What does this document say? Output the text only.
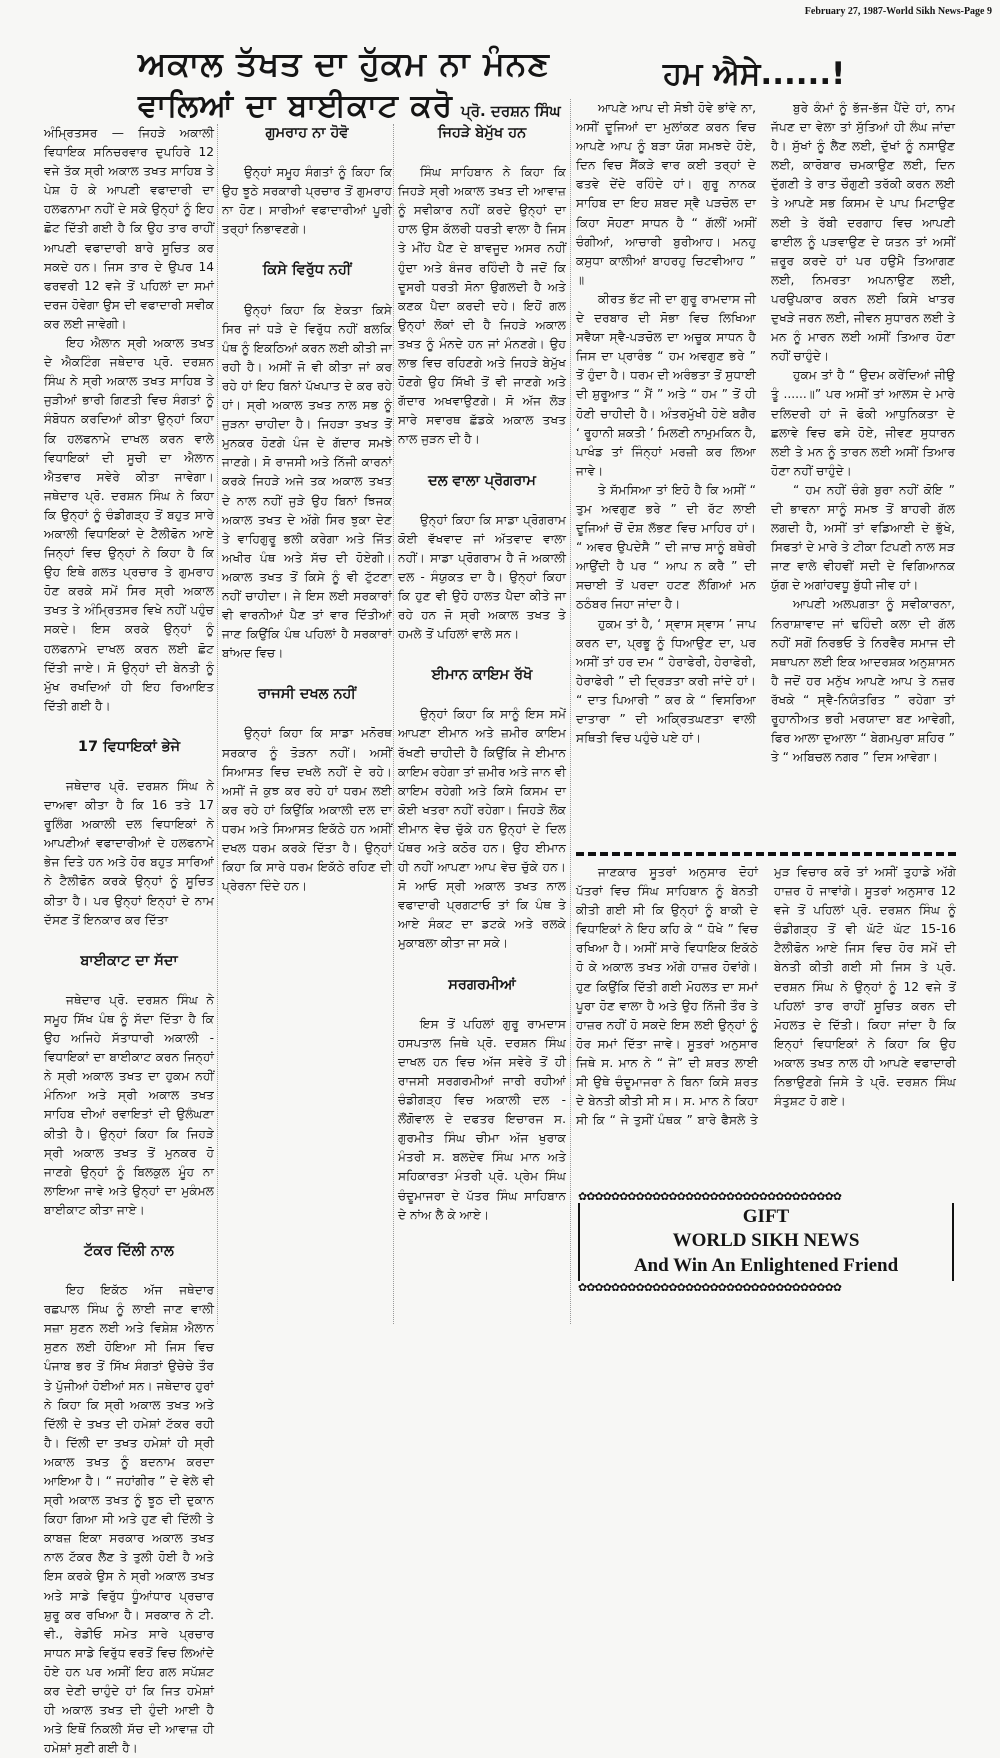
February 27, 1987-World Sikh News-Page 9
ਅਕਾਲ ਤੱਖਤ ਦਾ ਹੁੱਕਮ ਨਾ ਮੰਨਣ
ਵਾਲਿਆਂ ਦਾ ਬਾਈਕਾਟ ਕਰੋ ਪ੍ਰੋ. ਦਰਸ਼ਨ ਸਿੰਘ
ਹਮ ਐਸੇ......!

ਅੰਮ੍ਰਿਤਸਰ — ਜਿਹੜੇ ਅਕਾਲੀ ਵਿਧਾਇਕ ਸਨਿਚਰਵਾਰ ਦੁਪਹਿਰੇ 12 ਵਜੇ ਤੱਕ ਸ੍ਰੀ ਅਕਾਲ ਤਖਤ ਸਾਹਿਬ ਤੇ ਪੇਸ਼ ਹੋ ਕੇ ਆਪਣੀ ਵਫਾਦਾਰੀ ਦਾ ਹਲਫਨਾਮਾ ਨਹੀਂ ਦੇ ਸਕੇ ਉਨ੍ਹਾਂ ਨੂੰ ਇਹ ਛੋਟ ਦਿੱਤੀ ਗਈ ਹੈ ਕਿ ਉਹ ਤਾਰ ਰਾਹੀਂ ਆਪਣੀ ਵਫਾਦਾਰੀ ਬਾਰੇ ਸੂਚਿਤ ਕਰ ਸਕਦੇ ਹਨ। ਜਿਸ ਤਾਰ ਦੇ ਉਪਰ 14 ਫਰਵਰੀ 12 ਵਜੇ ਤੋਂ ਪਹਿਲਾਂ ਦਾ ਸਮਾਂ ਦਰਜ ਹੋਵੇਗਾ ਉਸ ਦੀ ਵਫਾਦਾਰੀ ਸਵੀਕ ਕਰ ਲਈ ਜਾਵੇਗੀ।

ਇਹ ਐਲਾਨ ਸ੍ਰੀ ਅਕਾਲ ਤਖਤ ਦੇ ਐਕਟਿੰਗ ਜਥੇਦਾਰ ਪ੍ਰੋ. ਦਰਸ਼ਨ ਸਿੰਘ ਨੇ ਸ੍ਰੀ ਅਕਾਲ ਤਖਤ ਸਾਹਿਬ ਤੇ ਜੁੜੀਆਂ ਭਾਰੀ ਗਿਣਤੀ ਵਿਚ ਸੰਗਤਾਂ ਨੂੰ ਸੰਬੋਧਨ ਕਰਦਿਆਂ ਕੀਤਾ ਉਨ੍ਹਾਂ ਕਿਹਾ ਕਿ ਹਲਫਨਾਮੇ ਦਾਖਲ ਕਰਨ ਵਾਲੇ ਵਿਧਾਇਕਾਂ ਦੀ ਸੂਚੀ ਦਾ ਐਲਾਨ ਐਤਵਾਰ ਸਵੇਰੇ ਕੀਤਾ ਜਾਵੇਗਾ। ਜਥੇਦਾਰ ਪ੍ਰੋ. ਦਰਸ਼ਨ ਸਿੰਘ ਨੇ ਕਿਹਾ ਕਿ ਉਨ੍ਹਾਂ ਨੂੰ ਚੰਡੀਗੜ੍ਹ ਤੋਂ ਬਹੁਤ ਸਾਰੇ ਅਕਾਲੀ ਵਿਧਾਇਕਾਂ ਦੇ ਟੈਲੀਫੋਨ ਆਏ ਜਿਨ੍ਹਾਂ ਵਿਚ ਉਨ੍ਹਾਂ ਨੇ ਕਿਹਾ ਹੈ ਕਿ ਉਹ ਇਥੇ ਗਲਤ ਪ੍ਰਚਾਰ ਤੇ ਗੁਮਰਾਹ ਹੋਣ ਕਰਕੇ ਸਮੇਂ ਸਿਰ ਸ੍ਰੀ ਅਕਾਲ ਤਖਤ ਤੇ ਅੰਮ੍ਰਿਤਸਰ ਵਿਖੇ ਨਹੀਂ ਪਹੁੰਚ ਸਕਦੇ। ਇਸ ਕਰਕੇ ਉਨ੍ਹਾਂ ਨੂੰ ਹਲਫਨਾਮੇ ਦਾਖਲ ਕਰਨ ਲਈ ਛੋਟ ਦਿੱਤੀ ਜਾਏ। ਸੋ ਉਨ੍ਹਾਂ ਦੀ ਬੇਨਤੀ ਨੂੰ ਮੁੱਖ ਰਖਦਿਆਂ ਹੀ ਇਹ ਰਿਆਇਤ ਦਿੱਤੀ ਗਈ ਹੈ।

17 ਵਿਧਾਇਕਾਂ ਭੇਜੇ

ਜਥੇਦਾਰ ਪ੍ਰੋ. ਦਰਸ਼ਨ ਸਿੰਘ ਨੇ ਦਾਅਵਾ ਕੀਤਾ ਹੈ ਕਿ 16 ਤਤੇ 17 ਰੂਲਿੰਗ ਅਕਾਲੀ ਦਲ ਵਿਧਾਇਕਾਂ ਨੇ ਆਪਣੀਆਂ ਵਫਾਦਾਰੀਆਂ ਦੇ ਹਲਫਨਾਮੇ ਭੇਜ ਦਿਤੇ ਹਨ ਅਤੇ ਹੋਰ ਬਹੁਤ ਸਾਰਿਆਂ ਨੇ ਟੈਲੀਫੋਨ ਕਰਕੇ ਉਨ੍ਹਾਂ ਨੂੰ ਸੂਚਿਤ ਕੀਤਾ ਹੈ। ਪਰ ਉਨ੍ਹਾਂ ਇਨ੍ਹਾਂ ਦੇ ਨਾਮ ਦੱਸਣ ਤੋਂ ਇਨਕਾਰ ਕਰ ਦਿੱਤਾ

ਬਾਈਕਾਟ ਦਾ ਸੱਦਾ

ਜਥੇਦਾਰ ਪ੍ਰੋ. ਦਰਸ਼ਨ ਸਿੰਘ ਨੇ ਸਮੂਹ ਸਿੱਖ ਪੰਥ ਨੂੰ ਸੱਦਾ ਦਿੱਤਾ ਹੈ ਕਿ ਉਹ ਅਜਿਹੇ ਸੱਤਾਧਾਰੀ ਅਕਾਲੀ - ਵਿਧਾਇਕਾਂ ਦਾ ਬਾਈਕਾਟ ਕਰਨ ਜਿਨ੍ਹਾਂ ਨੇ ਸ੍ਰੀ ਅਕਾਲ ਤਖਤ ਦਾ ਹੁਕਮ ਨਹੀਂ ਮੰਨਿਆ ਅਤੇ ਸ੍ਰੀ ਅਕਾਲ ਤਖਤ ਸਾਹਿਬ ਦੀਆਂ ਰਵਾਇਤਾਂ ਦੀ ਉਲੰਘਣਾ ਕੀਤੀ ਹੈ। ਉਨ੍ਹਾਂ ਕਿਹਾ ਕਿ ਜਿਹੜੇ ਸ੍ਰੀ ਅਕਾਲ ਤਖਤ ਤੋਂ ਮੁਨਕਰ ਹੋ ਜਾਣਗੇ ਉਨ੍ਹਾਂ ਨੂੰ ਬਿਲਕੁਲ ਮੂੰਹ ਨਾ ਲਾਇਆ ਜਾਵੇ ਅਤੇ ਉਨ੍ਹਾਂ ਦਾ ਮੁਕੰਮਲ ਬਾਈਕਾਟ ਕੀਤਾ ਜਾਏ।

ਟੱਕਰ ਦਿੱਲੀ ਨਾਲ

ਇਹ ਇਕੱਠ ਅੱਜ ਜਥੇਦਾਰ ਰਛਪਾਲ ਸਿੰਘ ਨੂੰ ਲਾਈ ਜਾਣ ਵਾਲੀ ਸਜ਼ਾ ਸੁਣਨ ਲਈ ਅਤੇ ਵਿਸ਼ੇਸ਼ ਐਲਾਨ ਸੁਣਨ ਲਈ ਹੋਇਆ ਸੀ ਜਿਸ ਵਿਚ ਪੰਜਾਬ ਭਰ ਤੋਂ ਸਿੱਖ ਸੰਗਤਾਂ ਉਚੇਚੇ ਤੌਰ ਤੇ ਪੁੱਜੀਆਂ ਹੋਈਆਂ ਸਨ। ਜਥੇਦਾਰ ਹੁਰਾਂ ਨੇ ਕਿਹਾ ਕਿ ਸ੍ਰੀ ਅਕਾਲ ਤਖਤ ਅਤੇ ਦਿੱਲੀ ਦੇ ਤਖਤ ਦੀ ਹਮੇਸ਼ਾਂ ਟੱਕਰ ਰਹੀ ਹੈ। ਦਿੱਲੀ ਦਾ ਤਖਤ ਹਮੇਸ਼ਾਂ ਹੀ ਸ੍ਰੀ ਅਕਾਲ ਤਖਤ ਨੂੰ ਬਦਨਾਮ ਕਰਦਾ ਆਇਆ ਹੈ। “ ਜਹਾਂਗੀਰ ” ਦੇ ਵੇਲੇ ਵੀ ਸ੍ਰੀ ਅਕਾਲ ਤਖਤ ਨੂੰ ਝੂਠ ਦੀ ਦੁਕਾਨ ਕਿਹਾ ਗਿਆ ਸੀ ਅਤੇ ਹੁਣ ਵੀ ਦਿੱਲੀ ਤੇ ਕਾਬਜ਼ ਇਕਾ ਸਰਕਾਰ ਅਕਾਲ ਤਖਤ ਨਾਲ ਟੱਕਰ ਲੈਣ ਤੇ ਤੁਲੀ ਹੋਈ ਹੈ ਅਤੇ ਇਸ ਕਰਕੇ ਉਸ ਨੇ ਸ੍ਰੀ ਅਕਾਲ ਤਖਤ ਅਤੇ ਸਾਡੇ ਵਿਰੁੱਧ ਧੂੰਆਂਧਾਰ ਪ੍ਰਚਾਰ ਸ਼ੁਰੂ ਕਰ ਰਖਿਆ ਹੈ। ਸਰਕਾਰ ਨੇ ਟੀ. ਵੀ., ਰੇਡੀਓ ਸਮੇਤ ਸਾਰੇ ਪ੍ਰਚਾਰ ਸਾਧਨ ਸਾਡੇ ਵਿਰੁੱਧ ਵਰਤੋਂ ਵਿਚ ਲਿਆਂਦੇ ਹੋਏ ਹਨ ਪਰ ਅਸੀਂ ਇਹ ਗਲ ਸਪੱਸ਼ਟ ਕਰ ਦੇਣੀ ਚਾਹੁੰਦੇ ਹਾਂ ਕਿ ਜਿਤ ਹਮੇਸ਼ਾਂ ਹੀ ਅਕਾਲ ਤਖਤ ਦੀ ਹੁੰਦੀ ਆਈ ਹੈ ਅਤੇ ਇਥੋਂ ਨਿਕਲੀ ਸੱਚ ਦੀ ਆਵਾਜ਼ ਹੀ ਹਮੇਸ਼ਾਂ ਸੁਣੀ ਗਈ ਹੈ।

ਗੁਮਰਾਹ ਨਾ ਹੋਵੋ

ਉਨ੍ਹਾਂ ਸਮੂਹ ਸੰਗਤਾਂ ਨੂੰ ਕਿਹਾ ਕਿ ਉਹ ਝੂਠੇ ਸਰਕਾਰੀ ਪ੍ਰਚਾਰ ਤੋਂ ਗੁਮਰਾਹ ਨਾ ਹੋਣ। ਸਾਰੀਆਂ ਵਫਾਦਾਰੀਆਂ ਪੂਰੀ ਤਰ੍ਹਾਂ ਨਿਭਾਵਣਗੇ।

ਕਿਸੇ ਵਿਰੁੱਧ ਨਹੀਂ

ਉਨ੍ਹਾਂ ਕਿਹਾ ਕਿ ਏਕਤਾ ਕਿਸੇ ਸਿਰ ਜਾਂ ਧੜੇ ਦੇ ਵਿਰੁੱਧ ਨਹੀਂ ਬਲਕਿ ਪੰਥ ਨੂੰ ਇਕਠਿਆਂ ਕਰਨ ਲਈ ਕੀਤੀ ਜਾ ਰਹੀ ਹੈ। ਅਸੀਂ ਜੋ ਵੀ ਕੀਤਾ ਜਾਂ ਕਰ ਰਹੇ ਹਾਂ ਇਹ ਬਿਨਾਂ ਪੱਖਪਾਤ ਦੇ ਕਰ ਰਹੇ ਹਾਂ। ਸ੍ਰੀ ਅਕਾਲ ਤਖਤ ਨਾਲ ਸਭ ਨੂੰ ਜੁੜਨਾ ਚਾਹੀਦਾ ਹੈ। ਜਿਹੜਾ ਤਖਤ ਤੋਂ ਮੁਨਕਰ ਹੋਣਗੇ ਪੰਜ ਦੇ ਗੱਦਾਰ ਸਮਝੇ ਜਾਣਗੇ। ਸੋ ਰਾਜਸੀ ਅਤੇ ਨਿੱਜੀ ਕਾਰਨਾਂ ਕਰਕੇ ਜਿਹੜੇ ਅਜੇ ਤਕ ਅਕਾਲ ਤਖਤ ਦੇ ਨਾਲ ਨਹੀਂ ਜੁੜੇ ਉਹ ਬਿਨਾਂ ਝਿਜਕ ਅਕਾਲ ਤਖਤ ਦੇ ਅੱਗੇ ਸਿਰ ਝੁਕਾ ਦੇਣ ਤੇ ਵਾਹਿਗੁਰੂ ਭਲੀ ਕਰੇਗਾ ਅਤੇ ਜਿੱਤ ਅਖੀਰ ਪੰਥ ਅਤੇ ਸੱਚ ਦੀ ਹੋਏਗੀ। ਅਕਾਲ ਤਖਤ ਤੋਂ ਕਿਸੇ ਨੂੰ ਵੀ ਟੁੱਟਣਾ ਨਹੀਂ ਚਾਹੀਦਾ। ਜੇ ਇਸ ਲਈ ਸਰਕਾਰਾਂ ਵੀ ਵਾਰਨੀਆਂ ਪੈਣ ਤਾਂ ਵਾਰ ਦਿੱਤੀਆਂ ਜਾਣ ਕਿਉਂਕਿ ਪੰਥ ਪਹਿਲਾਂ ਹੈ ਸਰਕਾਰਾਂ ਬਾਂਅਦ ਵਿਚ।

ਰਾਜਸੀ ਦਖਲ ਨਹੀਂ

ਉਨ੍ਹਾਂ ਕਿਹਾ ਕਿ ਸਾਡਾ ਮਨੋਰਥ ਸਰਕਾਰ ਨੂੰ ਤੋੜਨਾ ਨਹੀਂ। ਅਸੀਂ ਸਿਆਸਤ ਵਿਚ ਦਖਲੇ ਨਹੀਂ ਦੇ ਰਹੇ। ਅਸੀਂ ਜੋ ਕੁਝ ਕਰ ਰਹੇ ਹਾਂ ਧਰਮ ਲਈ ਕਰ ਰਹੇ ਹਾਂ ਕਿਉਂਕਿ ਅਕਾਲੀ ਦਲ ਦਾ ਧਰਮ ਅਤੇ ਸਿਆਸਤ ਇਕੱਠੇ ਹਨ ਅਸੀਂ ਦਖਲ ਧਰਮ ਕਰਕੇ ਦਿੱਤਾ ਹੈ। ਉਨ੍ਹਾਂ ਕਿਹਾ ਕਿ ਸਾਰੇ ਧਰਮ ਇਕੱਠੇ ਰਹਿਣ ਦੀ ਪ੍ਰੇਰਨਾ ਦਿੰਦੇ ਹਨ।

ਜਿਹੜੇ ਬੇਮੁੱਖ ਹਨ

ਸਿੰਘ ਸਾਹਿਬਾਨ ਨੇ ਕਿਹਾ ਕਿ ਜਿਹੜੇ ਸ੍ਰੀ ਅਕਾਲ ਤਖਤ ਦੀ ਆਵਾਜ਼ ਨੂੰ ਸਵੀਕਾਰ ਨਹੀਂ ਕਰਦੇ ਉਨ੍ਹਾਂ ਦਾ ਹਾਲ ਉਸ ਕੱਲਰੀ ਧਰਤੀ ਵਾਲਾ ਹੈ ਜਿਸ ਤੇ ਮੀਂਹ ਪੈਣ ਦੇ ਬਾਵਜੂਦ ਅਸਰ ਨਹੀਂ ਹੁੰਦਾ ਅਤੇ ਬੰਜਰ ਰਹਿੰਦੀ ਹੈ ਜਦੋਂ ਕਿ ਦੂਸਰੀ ਧਰਤੀ ਸੋਨਾ ਉਗਲਦੀ ਹੈ ਅਤੇ ਕਣਕ ਪੈਦਾ ਕਰਦੀ ਦਹੇ। ਇਹੋਂ ਗਲ ਉਨ੍ਹਾਂ ਲੋਕਾਂ ਦੀ ਹੈ ਜਿਹੜੇ ਅਕਾਲ ਤਖਤ ਨੂੰ ਮੰਨਦੇ ਹਨ ਜਾਂ ਮੰਨਣਗੇ। ਉਹ ਲਾਭ ਵਿਚ ਰਹਿਣਗੇ ਅਤੇ ਜਿਹੜੇ ਬੇਮੁੱਖ ਹੋਣਗੇ ਉਹ ਸਿੱਖੀ ਤੋਂ ਵੀ ਜਾਣਗੇ ਅਤੇ ਗੱਦਾਰ ਅਖਵਾਉਣਗੇ। ਸੋ ਅੱਜ ਲੋੜ ਸਾਰੇ ਸਵਾਰਥ ਛੱਡਕੇ ਅਕਾਲ ਤਖਤ ਨਾਲ ਜੁੜਨ ਦੀ ਹੈ।

ਦਲ ਵਾਲਾ ਪ੍ਰੋਗਰਾਮ

ਉਨ੍ਹਾਂ ਕਿਹਾ ਕਿ ਸਾਡਾ ਪ੍ਰੋਗਰਾਮ ਕੋਈ ਵੱਖਵਾਦ ਜਾਂ ਅੱਤਵਾਦ ਵਾਲਾ ਨਹੀਂ। ਸਾਡਾ ਪ੍ਰੋਗਰਾਮ ਹੈ ਜੋ ਅਕਾਲੀ ਦਲ - ਸੰਯੁਕਤ ਦਾ ਹੈ। ਉਨ੍ਹਾਂ ਕਿਹਾ ਕਿ ਹੁਣ ਵੀ ਉਹੋ ਹਾਲਤ ਪੈਦਾ ਕੀਤੇ ਜਾ ਰਹੇ ਹਨ ਜੋ ਸ੍ਰੀ ਅਕਾਲ ਤਖਤ ਤੇ ਹਮਲੇ ਤੋਂ ਪਹਿਲਾਂ ਵਾਲੇ ਸਨ।

ਈਮਾਨ ਕਾਇਮ ਰੱਖੋ

ਉਨ੍ਹਾਂ ਕਿਹਾ ਕਿ ਸਾਨੂੰ ਇਸ ਸਮੇਂ ਆਪਣਾ ਈਮਾਨ ਅਤੇ ਜ਼ਮੀਰ ਕਾਇਮ ਰੱਖਣੀ ਚਾਹੀਦੀ ਹੈ ਕਿਉਂਕਿ ਜੇ ਈਮਾਨ ਕਾਇਮ ਰਹੇਗਾ ਤਾਂ ਜ਼ਮੀਰ ਅਤੇ ਜਾਨ ਵੀ ਕਾਇਮ ਰਹੇਗੀ ਅਤੇ ਕਿਸੇ ਕਿਸਮ ਦਾ ਕੋਈ ਖਤਰਾ ਨਹੀਂ ਰਹੇਗਾ। ਜਿਹੜੇ ਲੋਕ ਈਮਾਨ ਵੇਚ ਚੁੱਕੇ ਹਨ ਉਨ੍ਹਾਂ ਦੇ ਦਿਲ ਪੱਥਰ ਅਤੇ ਕਠੋਰ ਹਨ। ਉਹ ਈਮਾਨ ਹੀ ਨਹੀਂ ਆਪਣਾ ਆਪ ਵੇਚ ਚੁੱਕੇ ਹਨ। ਸੋ ਆਓ ਸ੍ਰੀ ਅਕਾਲ ਤਖਤ ਨਾਲ ਵਫਾਦਾਰੀ ਪ੍ਰਗਟਾਓ ਤਾਂ ਕਿ ਪੰਥ ਤੇ ਆਏ ਸੰਕਟ ਦਾ ਡਟਕੇ ਅਤੇ ਰਲਕੇ ਮੁਕਾਬਲਾ ਕੀਤਾ ਜਾ ਸਕੇ।

ਸਰਗਰਮੀਆਂ

ਇਸ ਤੋਂ ਪਹਿਲਾਂ ਗੁਰੂ ਰਾਮਦਾਸ ਹਸਪਤਾਲ ਜਿਥੇ ਪ੍ਰੋ. ਦਰਸ਼ਨ ਸਿੰਘ ਦਾਖਲ ਹਨ ਵਿਚ ਅੱਜ ਸਵੇਰੇ ਤੋਂ ਹੀ ਰਾਜਸੀ ਸਰਗਰਮੀਆਂ ਜਾਰੀ ਰਹੀਆਂ ਚੰਡੀਗੜ੍ਹ ਵਿਚ ਅਕਾਲੀ ਦਲ - ਲੌਂਗੋਵਾਲ ਦੇ ਦਫਤਰ ਇਚਾਰਜ ਸ. ਗੁਰਮੀਤ ਸਿੰਘ ਚੀਮਾ ਅੱਜ ਖੁਰਾਕ ਮੰਤਰੀ ਸ. ਬਲਦੇਵ ਸਿੰਘ ਮਾਨ ਅਤੇ ਸਹਿਕਾਰਤਾ ਮੰਤਰੀ ਪ੍ਰੋ. ਪ੍ਰੇਮ ਸਿੰਘ ਚੰਦੂਮਾਜਰਾ ਦੇ ਪੱਤਰ ਸਿੰਘ ਸਾਹਿਬਾਨ ਦੇ ਨਾਂਅ ਲੈ ਕੇ ਆਏ।

ਆਪਣੇ ਆਪ ਦੀ ਸੋਝੀ ਹੋਵੇ ਭਾਂਵੇ ਨਾ, ਅਸੀਂ ਦੂਜਿਆਂ ਦਾ ਮੁਲਾਂਕਣ ਕਰਨ ਵਿਚ ਆਪਣੇ ਆਪ ਨੂੰ ਬੜਾ ਯੋਗ ਸਮਝਦੇ ਹੋਏ, ਦਿਨ ਵਿਚ ਸੈਂਕੜੇ ਵਾਰ ਕਈ ਤਰ੍ਹਾਂ ਦੇ ਫਤਵੇ ਦੇਂਦੇ ਰਹਿੰਦੇ ਹਾਂ। ਗੁਰੂ ਨਾਨਕ ਸਾਹਿਬ ਦਾ ਇਹ ਸ਼ਬਦ ਸ੍ਵੈ ਪੜਚੋਲ ਦਾ ਕਿਹਾ ਸੋਹਣਾ ਸਾਧਨ ਹੈ “ ਗੱਲੀਂ ਅਸੀਂ ਚੰਗੀਆਂ, ਆਚਾਰੀ ਬੁਰੀਆਹ। ਮਨਹੁ ਕਸੁਧਾ ਕਾਲੀਆਂ ਬਾਹਰਹੁ ਚਿਟਵੀਆਹ ” ॥

ਕੀਰਤ ਭੱਟ ਜੀ ਦਾ ਗੁਰੂ ਰਾਮਦਾਸ ਜੀ ਦੇ ਦਰਬਾਰ ਦੀ ਸੋਭਾ ਵਿਚ ਲਿਖਿਆ ਸਵੈਯਾ ਸ੍ਵੈ-ਪੜਚੋਲ ਦਾ ਅਚੂਕ ਸਾਧਨ ਹੈ ਜਿਸ ਦਾ ਪ੍ਰਾਰੰਭ “ ਹਮ ਅਵਗੁਣ ਭਰੇ ” ਤੋਂ ਹੁੰਦਾ ਹੈ। ਧਰਮ ਦੀ ਅਰੰਭਤਾ ਤੋਂ ਸੁਧਾਈ ਦੀ ਸ਼ੁਰੂਆਤ “ ਮੈਂ ” ਅਤੇ “ ਹਮ ” ਤੋਂ ਹੀ ਹੋਣੀ ਚਾਹੀਦੀ ਹੈ। ਅੰਤਰਮੁੱਖੀ ਹੋਏ ਬਗੈਰ ‘ ਰੂਹਾਨੀ ਸ਼ਕਤੀ ’ ਮਿਲਣੀ ਨਾਮੁਮਕਿਨ ਹੈ, ਪਾਖੰਡ ਤਾਂ ਜਿੰਨ੍ਹਾਂ ਮਰਜ਼ੀ ਕਰ ਲਿਆ ਜਾਵੇ।

ਤੇ ਸੱਮਸਿਆ ਤਾਂ ਇਹੋ ਹੈ ਕਿ ਅਸੀਂ “ ਤੁਮ ਅਵਗੁਣ ਭਰੇ ” ਦੀ ਰੱਟ ਲਾਈ ਦੂਜਿਆਂ ਚੋਂ ਦੋਸ਼ ਲੱਭਣ ਵਿਚ ਮਾਹਿਰ ਹਾਂ। “ ਅਵਰ ਉਪਦੇਸੈ ” ਦੀ ਜਾਚ ਸਾਨੂੰ ਬਥੇਰੀ ਆਉਂਦੀ ਹੈ ਪਰ “ ਆਪ ਨ ਕਰੈ ” ਦੀ ਸਚਾਈ ਤੋਂ ਪਰਦਾ ਹਟਣ ਲੱਗਿਆਂ ਮਨ ਠਠੰਬਰ ਜਿਹਾ ਜਾਂਦਾ ਹੈ।

ਹੁਕਮ ਤਾਂ ਹੈ, ‘ ਸ੍ਵਾਸ ਸ੍ਵਾਸ ’ ਜਾਪ ਕਰਨ ਦਾ, ਪ੍ਰਭੂ ਨੂੰ ਧਿਆਉਣ ਦਾ, ਪਰ ਅਸੀਂ ਤਾਂ ਹਰ ਦਮ “ ਹੇਰਾਫੇਰੀ, ਹੇਰਾਫੇਰੀ, ਹੇਰਾਫੇਰੀ ” ਦੀ ਦ੍ਰਿੜਤਾ ਕਰੀ ਜਾਂਦੇ ਹਾਂ। “ ਦਾਤ ਪਿਆਰੀ ” ਕਰ ਕੇ “ ਵਿਸਰਿਆ ਦਾਤਾਰਾ ” ਦੀ ਅਕ੍ਰਿਤਘਣਤਾ ਵਾਲੀ ਸਥਿਤੀ ਵਿਚ ਪਹੁੰਚੇ ਪਏ ਹਾਂ।

ਬੁਰੇ ਕੰਮਾਂ ਨੂੰ ਭੱਜ-ਭੱਜ ਪੈਂਦੇ ਹਾਂ, ਨਾਮ ਜੱਪਣ ਦਾ ਵੇਲਾ ਤਾਂ ਸੁੱਤਿਆਂ ਹੀ ਲੰਘ ਜਾਂਦਾ ਹੈ। ਸੁੱਖਾਂ ਨੂੰ ਲੈਣ ਲਈ, ਦੁੱਖਾਂ ਨੂੰ ਨਸਾਉਣ ਲਈ, ਕਾਰੋਬਾਰ ਚਮਕਾਉਣ ਲਈ, ਦਿਨ ਦੁੱਗਣੀ ਤੇ ਰਾਤ ਚੌਗੁਣੀ ਤਰੱਕੀ ਕਰਨ ਲਈ ਤੇ ਆਪਣੇ ਸਭ ਕਿਸਮ ਦੇ ਪਾਪ ਮਿਟਾਉਣ ਲਈ ਤੇ ਰੱਬੀ ਦਰਗਾਹ ਵਿਚ ਆਪਣੀ ਫਾਈਲ ਨੂੰ ਪੜਵਾਉਣ ਦੇ ਯਤਨ ਤਾਂ ਅਸੀਂ ਜ਼ਰੂਰ ਕਰਦੇ ਹਾਂ ਪਰ ਹਉਮੈ ਤਿਆਗਣ ਲਈ, ਨਿਮਰਤਾ ਅਪਨਾਉਣ ਲਈ, ਪਰਉਪਕਾਰ ਕਰਨ ਲਈ ਕਿਸੇ ਖਾਤਰ ਦੁਖੜੇ ਜਰਨ ਲਈ, ਜੀਵਨ ਸੁਧਾਰਨ ਲਈ ਤੇ ਮਨ ਨੂੰ ਮਾਰਨ ਲਈ ਅਸੀਂ ਤਿਆਰ ਹੋਣਾ ਨਹੀਂ ਚਾਹੁੰਦੇ।

ਹੁਕਮ ਤਾਂ ਹੈ “ ਉਦਮ ਕਰੇਂਦਿਆਂ ਜੀਉ ਤੂੰ ......॥” ਪਰ ਅਸੀਂ ਤਾਂ ਆਲਸ ਦੇ ਮਾਰੇ ਦਲਿਦਰੀ ਹਾਂ ਜੋ ਫੋਕੀ ਆਧੁਨਿਕਤਾ ਦੇ ਛਲਾਵੇ ਵਿਚ ਫਸੇ ਹੋਏ, ਜੀਵਣ ਸੁਧਾਰਨ ਲਈ ਤੇ ਮਨ ਨੂੰ ਤਾਰਨ ਲਈ ਅਸੀਂ ਤਿਆਰ ਹੋਣਾ ਨਹੀਂ ਚਾਹੁੰਦੇ।

“ ਹਮ ਨਹੀਂ ਚੰਗੇ ਬੁਰਾ ਨਹੀਂ ਕੋਇ ” ਦੀ ਭਾਵਨਾ ਸਾਨੂੰ ਸਮਝ ਤੋਂ ਬਾਹਰੀ ਗੱਲ ਲਗਦੀ ਹੈ, ਅਸੀਂ ਤਾਂ ਵਡਿਆਈ ਦੇ ਭੁੱਖੇ, ਸਿਫਤਾਂ ਦੇ ਮਾਰੇ ਤੇ ਟੀਕਾ ਟਿਪਣੀ ਨਾਲ ਸੜ ਜਾਣ ਵਾਲੇ ਵੀਹਵੀਂ ਸਦੀ ਦੇ ਵਿਗਿਆਨਕ ਯੁੱਗ ਦੇ ਅਗਾਂਹਵਧੂ ਬੁੱਧੀ ਜੀਵ ਹਾਂ।

ਆਪਣੀ ਅਲਪਗਤਾ ਨੂੰ ਸਵੀਕਾਰਨਾ, ਨਿਰਾਸ਼ਾਵਾਦ ਜਾਂ ਢਹਿੰਦੀ ਕਲਾ ਦੀ ਗੱਲ ਨਹੀਂ ਸਗੋਂ ਨਿਰਭਓ ਤੇ ਨਿਰਵੈਰ ਸਮਾਜ ਦੀ ਸਥਾਪਨਾ ਲਈ ਇਕ ਆਦਰਸ਼ਕ ਅਨੁਸ਼ਾਸਨ ਹੈ ਜਦੋਂ ਹਰ ਮਨੁੱਖ ਆਪਣੇ ਆਪ ਤੇ ਨਜ਼ਰ ਰੱਖਕੇ “ ਸ੍ਵੈ-ਨਿਯੰਤਰਿਤ ” ਰਹੇਗਾ ਤਾਂ ਰੂਹਾਨੀਅਤ ਭਰੀ ਮਰਯਾਦਾ ਬਣ ਆਵੇਗੀ, ਫਿਰ ਆਲਾ ਦੁਆਲਾ “ ਬੇਗਮਪੁਰਾ ਸ਼ਹਿਰ ” ਤੇ “ ਅਬਿਚਲ ਨਗਰ ” ਦਿਸ ਆਵੇਗਾ।

ਜਾਣਕਾਰ ਸੂਤਰਾਂ ਅਨੁਸਾਰ ਦੋਹਾਂ ਪੱਤਰਾਂ ਵਿਚ ਸਿੰਘ ਸਾਹਿਬਾਨ ਨੂੰ ਬੇਨਤੀ ਕੀਤੀ ਗਈ ਸੀ ਕਿ ਉਨ੍ਹਾਂ ਨੂੰ ਬਾਕੀ ਦੇ ਵਿਧਾਇਕਾਂ ਨੇ ਇਹ ਕਹਿ ਕੇ “ ਧੋਖੇ ” ਵਿਚ ਰਖਿਆ ਹੈ। ਅਸੀਂ ਸਾਰੇ ਵਿਧਾਇਕ ਇਕੱਠੇ ਹੋ ਕੇ ਅਕਾਲ ਤਖਤ ਅੱਗੇ ਹਾਜ਼ਰ ਹੋਵਾਂਗੇ। ਹੁਣ ਕਿਉਂਕਿ ਦਿੱਤੀ ਗਈ ਮੋਹਲਤ ਦਾ ਸਮਾਂ ਪੂਰਾ ਹੋਣ ਵਾਲਾ ਹੈ ਅਤੇ ਉਹ ਨਿੱਜੀ ਤੌਰ ਤੇ ਹਾਜ਼ਰ ਨਹੀਂ ਹੋ ਸਕਦੇ ਇਸ ਲਈ ਉਨ੍ਹਾਂ ਨੂੰ ਹੋਰ ਸਮਾਂ ਦਿੱਤਾ ਜਾਵੇ। ਸੂਤਰਾਂ ਅਨੁਸਾਰ ਜਿਥੇ ਸ. ਮਾਨ ਨੇ “ ਜੇ” ਦੀ ਸ਼ਰਤ ਲਾਈ ਸੀ ਉਥੇ ਚੰਦੂਮਾਜਰਾ ਨੇ ਬਿਨਾ ਕਿਸੇ ਸ਼ਰਤ ਦੇ ਬੇਨਤੀ ਕੀਤੀ ਸੀ ਸ। ਸ. ਮਾਨ ਨੇ ਕਿਹਾ ਸੀ ਕਿ “ ਜੇ ਤੁਸੀਂ ਪੰਥਕ ” ਬਾਰੇ ਫੈਸਲੇ ਤੇ ਮੁੜ ਵਿਚਾਰ ਕਰੋ ਤਾਂ ਅਸੀਂ ਤੁਹਾਡੇ ਅੱਗੇ ਹਾਜ਼ਰ ਹੋ ਜਾਵਾਂਗੇ। ਸੂਤਰਾਂ ਅਨੁਸਾਰ 12 ਵਜੇ ਤੋਂ ਪਹਿਲਾਂ ਪ੍ਰੋ. ਦਰਸ਼ਨ ਸਿੰਘ ਨੂੰ ਚੰਡੀਗੜ੍ਹ ਤੋਂ ਵੀ ਘੱਟੋ ਘੱਟ 15-16 ਟੈਲੀਫੋਨ ਆਏ ਜਿਸ ਵਿਚ ਹੋਰ ਸਮੇਂ ਦੀ ਬੇਨਤੀ ਕੀਤੀ ਗਈ ਸੀ ਜਿਸ ਤੇ ਪ੍ਰੋ. ਦਰਸ਼ਨ ਸਿੰਘ ਨੇ ਉਨ੍ਹਾਂ ਨੂੰ 12 ਵਜੇ ਤੋਂ ਪਹਿਲਾਂ ਤਾਰ ਰਾਹੀਂ ਸੂਚਿਤ ਕਰਨ ਦੀ ਮੋਹਲਤ ਦੇ ਦਿੱਤੀ। ਕਿਹਾ ਜਾਂਦਾ ਹੈ ਕਿ ਇਨ੍ਹਾਂ ਵਿਧਾਇਕਾਂ ਨੇ ਕਿਹਾ ਕਿ ਉਹ ਅਕਾਲ ਤਖਤ ਨਾਲ ਹੀ ਆਪਣੇ ਵਫਾਦਾਰੀ ਨਿਭਾਉਣਗੇ ਜਿਸੇ ਤੇ ਪ੍ਰੋ. ਦਰਸ਼ਨ ਸਿੰਘ ਸੰਤੁਸ਼ਟ ਹੋ ਗਏ।

✿✿✿✿✿✿✿✿✿✿✿✿✿✿✿✿✿✿✿✿✿✿✿✿✿✿✿✿✿✿✿✿
GIFT
WORLD SIKH NEWS
And Win An Enlightened Friend
✿✿✿✿✿✿✿✿✿✿✿✿✿✿✿✿✿✿✿✿✿✿✿✿✿✿✿✿✿✿✿✿
